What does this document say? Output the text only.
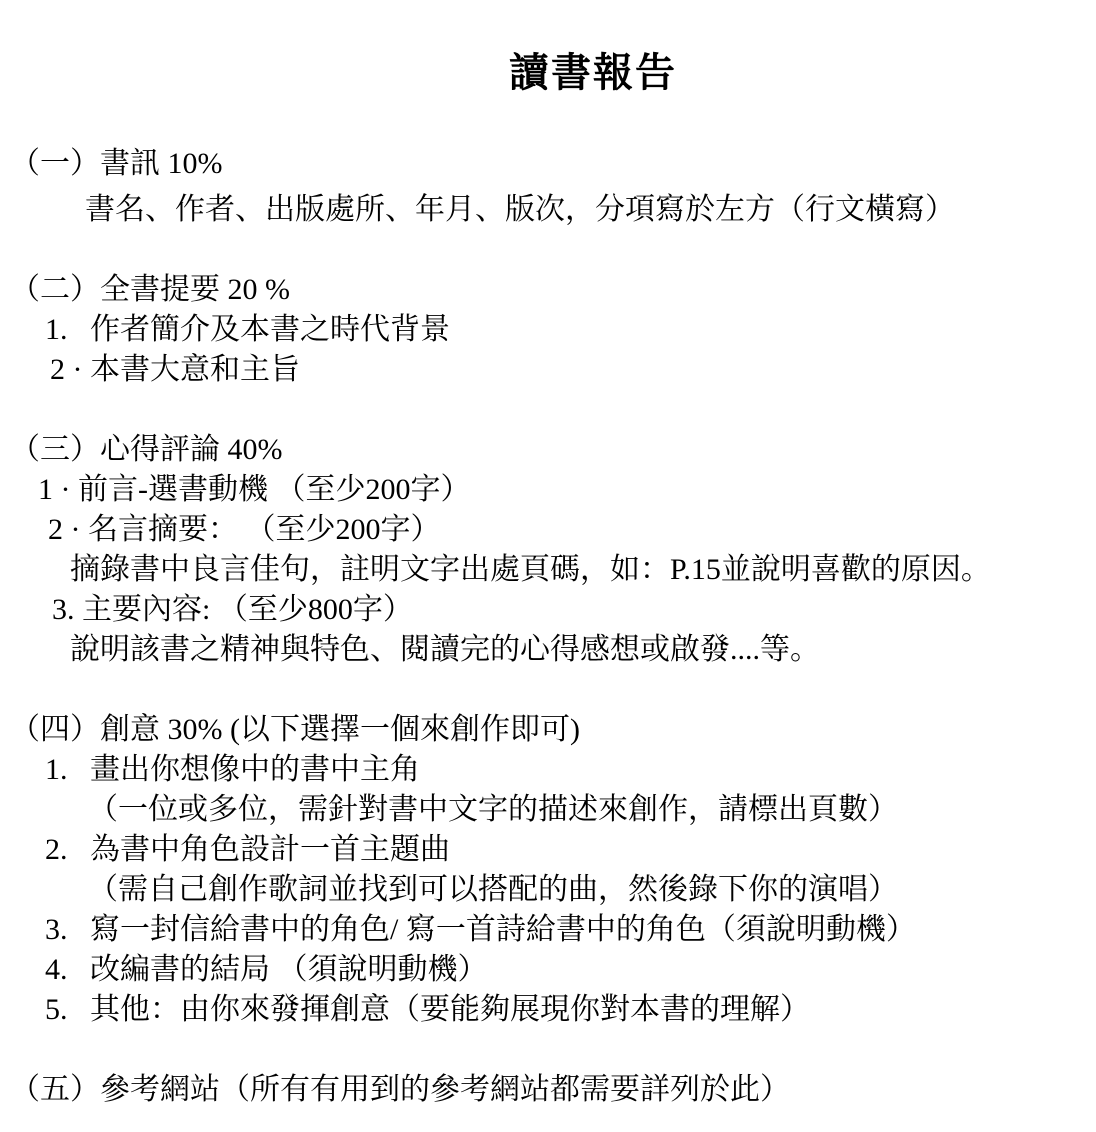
讀書報告
（一）書訊 10%
書名、作者、出版處所、年月、版次，分項寫於左方（行文橫寫）
（二）全書提要 20 %
1.   作者簡介及本書之時代背景
2 · 本書大意和主旨
（三）心得評論 40%
1 · 前言-選書動機 （至少200字）
2 · 名言摘要： （至少200字）
摘錄書中良言佳句，註明文字出處頁碼，如：P.15並說明喜歡的原因。
3. 主要內容: （至少800字）
說明該書之精神與特色、閱讀完的心得感想或啟發....等。
（四）創意 30% (以下選擇一個來創作即可)
1.   畫出你想像中的書中主角
（一位或多位，需針對書中文字的描述來創作，請標出頁數）
2.   為書中角色設計一首主題曲
（需自己創作歌詞並找到可以搭配的曲，然後錄下你的演唱）
3.   寫一封信給書中的角色/ 寫一首詩給書中的角色（須說明動機）
4.   改編書的結局 （須說明動機）
5.   其他：由你來發揮創意（要能夠展現你對本書的理解）
（五）參考網站（所有有用到的參考網站都需要詳列於此）
